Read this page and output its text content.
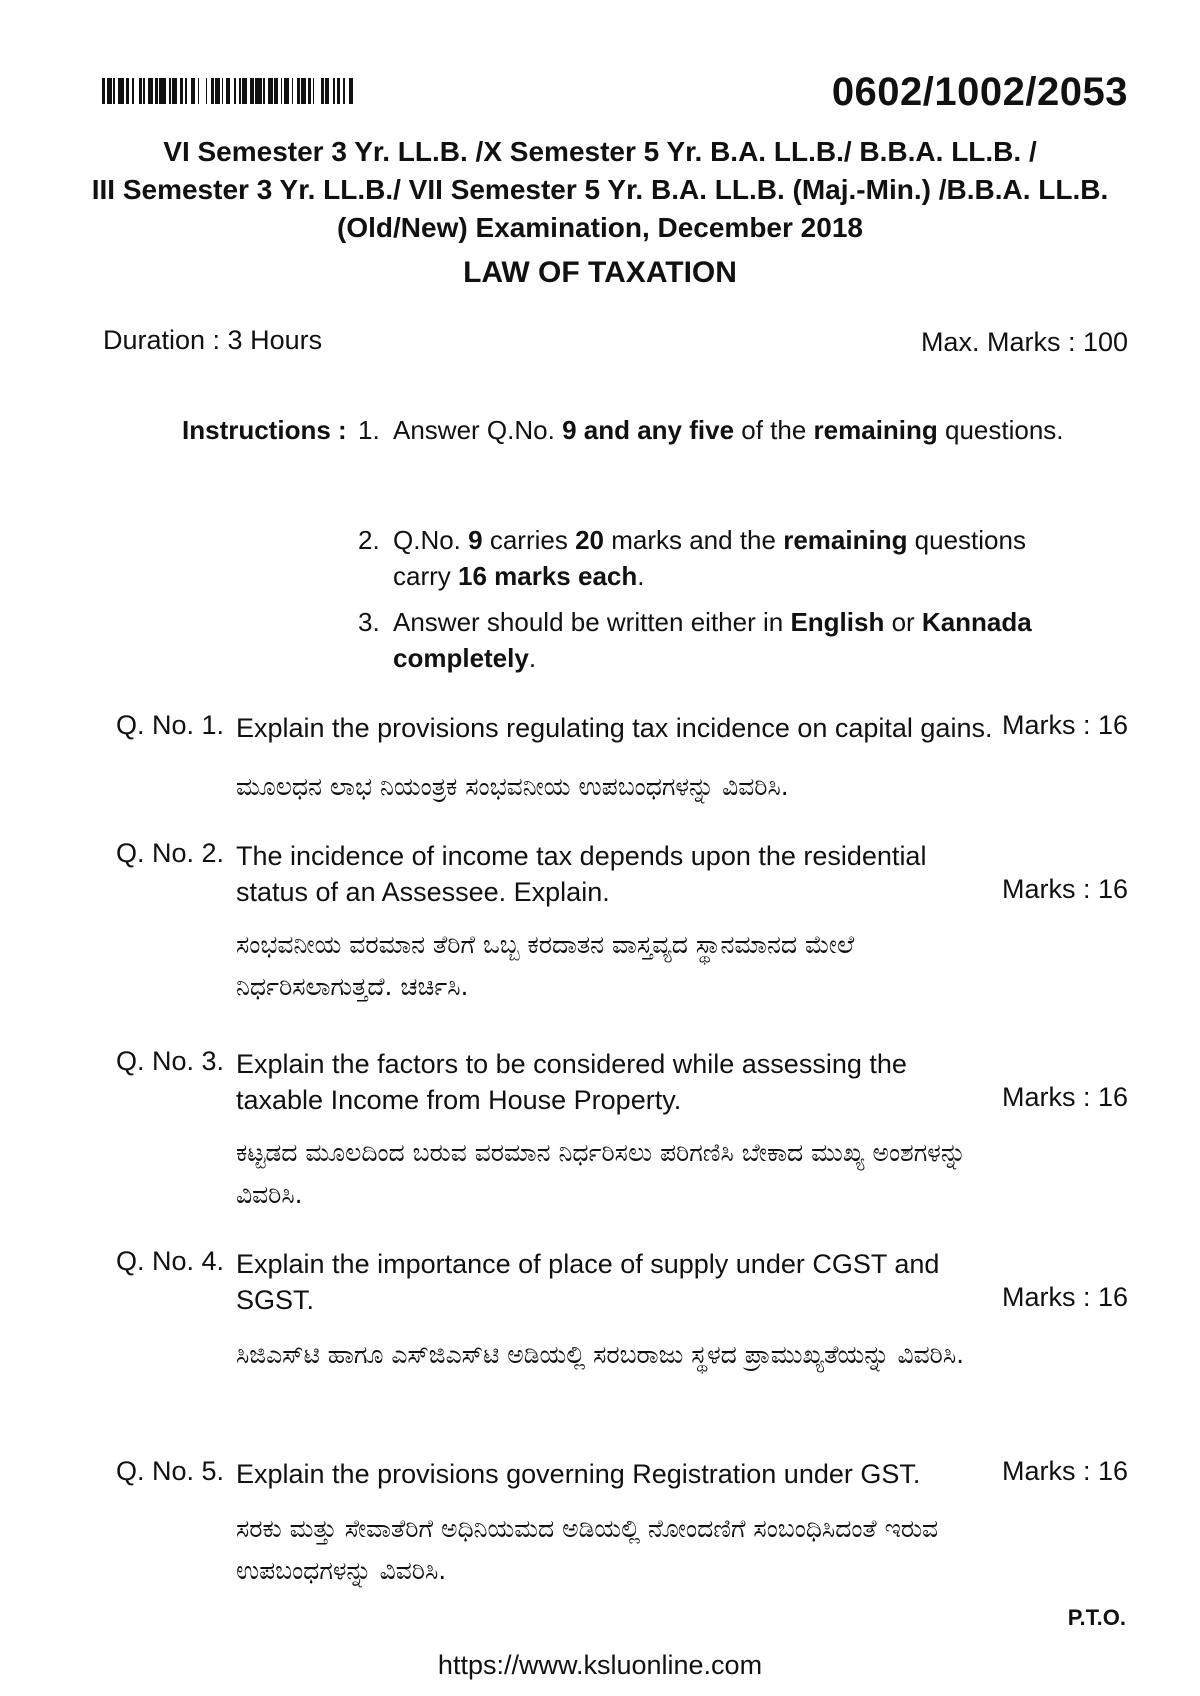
0602/1002/2053
VI Semester 3 Yr. LL.B. /X Semester 5 Yr. B.A. LL.B./ B.B.A. LL.B. /
III Semester 3 Yr. LL.B./ VII Semester 5 Yr. B.A. LL.B. (Maj.-Min.) /B.B.A. LL.B.
(Old/New) Examination, December 2018
LAW OF TAXATION
Duration : 3 Hours	Max. Marks : 100
Instructions : 1. Answer Q.No. 9 and any five of the remaining questions.
2. Q.No. 9 carries 20 marks and the remaining questions carry 16 marks each.
3. Answer should be written either in English or Kannada completely.
Q. No. 1. Explain the provisions regulating tax incidence on capital gains. Marks : 16
ಮೂಲಧನ ಲಾಭ ನಿಯಂತ್ರಕ ಸಂಭವನೀಯ ಉಪಬಂಧಗಳನ್ನು ವಿವರಿಸಿ.
Q. No. 2. The incidence of income tax depends upon the residential status of an Assessee. Explain.	Marks : 16
ಸಂಭವನೀಯ ವರಮಾನ ತೆರಿಗೆ ಒಬ್ಬ ಕರದಾತನ ವಾಸ್ತವ್ಯದ ಸ್ಥಾನಮಾನದ ಮೇಲೆ ನಿರ್ಧರಿಸಲಾಗುತ್ತದೆ. ಚರ್ಚಿಸಿ.
Q. No. 3. Explain the factors to be considered while assessing the taxable Income from House Property.	Marks : 16
ಕಟ್ಟಡದ ಮೂಲದಿಂದ ಬರುವ ವರಮಾನ ನಿರ್ಧರಿಸಲು ಪರಿಗಣಿಸಿ ಬೇಕಾದ ಮುಖ್ಯ ಅಂಶಗಳನ್ನು ವಿವರಿಸಿ.
Q. No. 4. Explain the importance of place of supply under CGST and SGST.	Marks : 16
ಸಿಜಿಎಸ್‌ಟಿ ಹಾಗೂ ಎಸ್‌ಜಿಎಸ್‌ಟಿ ಅಡಿಯಲ್ಲಿ ಸರಬರಾಜು ಸ್ಥಳದ ಪ್ರಾಮುಖ್ಯತೆಯನ್ನು ವಿವರಿಸಿ.
Q. No. 5. Explain the provisions governing Registration under GST.	Marks : 16
ಸರಕು ಮತ್ತು ಸೇವಾತೆರಿಗೆ ಅಧಿನಿಯಮದ ಅಡಿಯಲ್ಲಿ ನೋಂದಣಿಗೆ ಸಂಬಂಧಿಸಿದಂತೆ ಇರುವ ಉಪಬಂಧಗಳನ್ನು ವಿವರಿಸಿ.
P.T.O.
https://www.ksluonline.com
